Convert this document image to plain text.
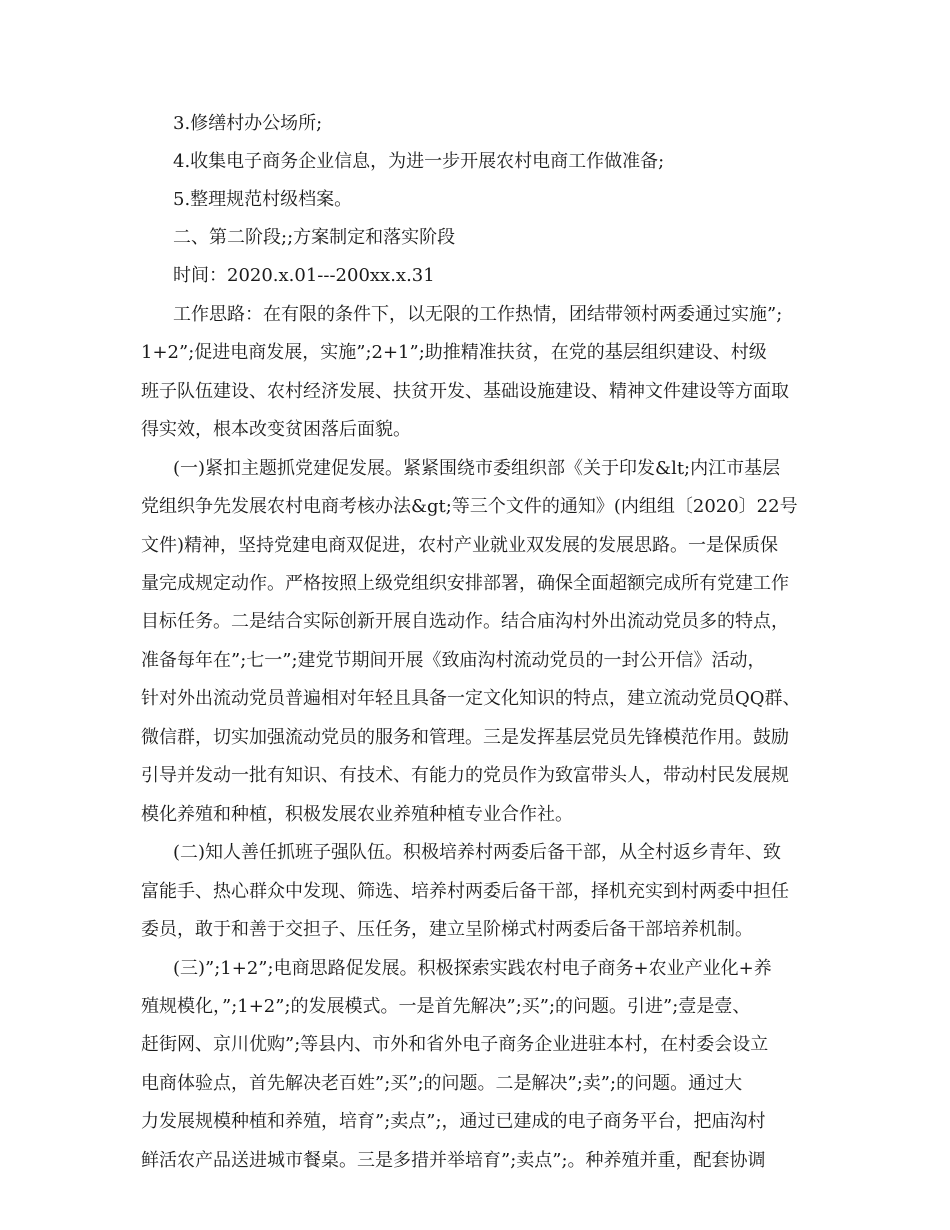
3.修缮村办公场所;
4.收集电子商务企业信息，为进一步开展农村电商工作做准备;
5.整理规范村级档案。
二、第二阶段;;方案制定和落实阶段
时间：2020.x.01---200xx.x.31
工作思路：在有限的条件下，以无限的工作热情，团结带领村两委通过实施”;
1+2”;促进电商发展，实施”;2+1”;助推精准扶贫，在党的基层组织建设、村级
班子队伍建设、农村经济发展、扶贫开发、基础设施建设、精神文件建设等方面取
得实效，根本改变贫困落后面貌。
(一)紧扣主题抓党建促发展。紧紧围绕市委组织部《关于印发&lt;内江市基层
党组织争先发展农村电商考核办法&gt;等三个文件的通知》(内组组〔2020〕22号
文件)精神，坚持党建电商双促进，农村产业就业双发展的发展思路。一是保质保
量完成规定动作。严格按照上级党组织安排部署，确保全面超额完成所有党建工作
目标任务。二是结合实际创新开展自选动作。结合庙沟村外出流动党员多的特点，
准备每年在”;七一”;建党节期间开展《致庙沟村流动党员的一封公开信》活动，
针对外出流动党员普遍相对年轻且具备一定文化知识的特点，建立流动党员QQ群、
微信群，切实加强流动党员的服务和管理。三是发挥基层党员先锋模范作用。鼓励
引导并发动一批有知识、有技术、有能力的党员作为致富带头人，带动村民发展规
模化养殖和种植，积极发展农业养殖种植专业合作社。
(二)知人善任抓班子强队伍。积极培养村两委后备干部，从全村返乡青年、致
富能手、热心群众中发现、筛选、培养村两委后备干部，择机充实到村两委中担任
委员，敢于和善于交担子、压任务，建立呈阶梯式村两委后备干部培养机制。
(三)”;1+2”;电商思路促发展。积极探索实践农村电子商务+农业产业化+养
殖规模化，”;1+2”;的发展模式。一是首先解决”;买”;的问题。引进”;壹是壹、
赶街网、京川优购”;等县内、市外和省外电子商务企业进驻本村，在村委会设立
电商体验点，首先解决老百姓”;买”;的问题。二是解决”;卖”;的问题。通过大
力发展规模种植和养殖，培育”;卖点”;，通过已建成的电子商务平台，把庙沟村
鲜活农产品送进城市餐桌。三是多措并举培育”;卖点”;。种养殖并重，配套协调
